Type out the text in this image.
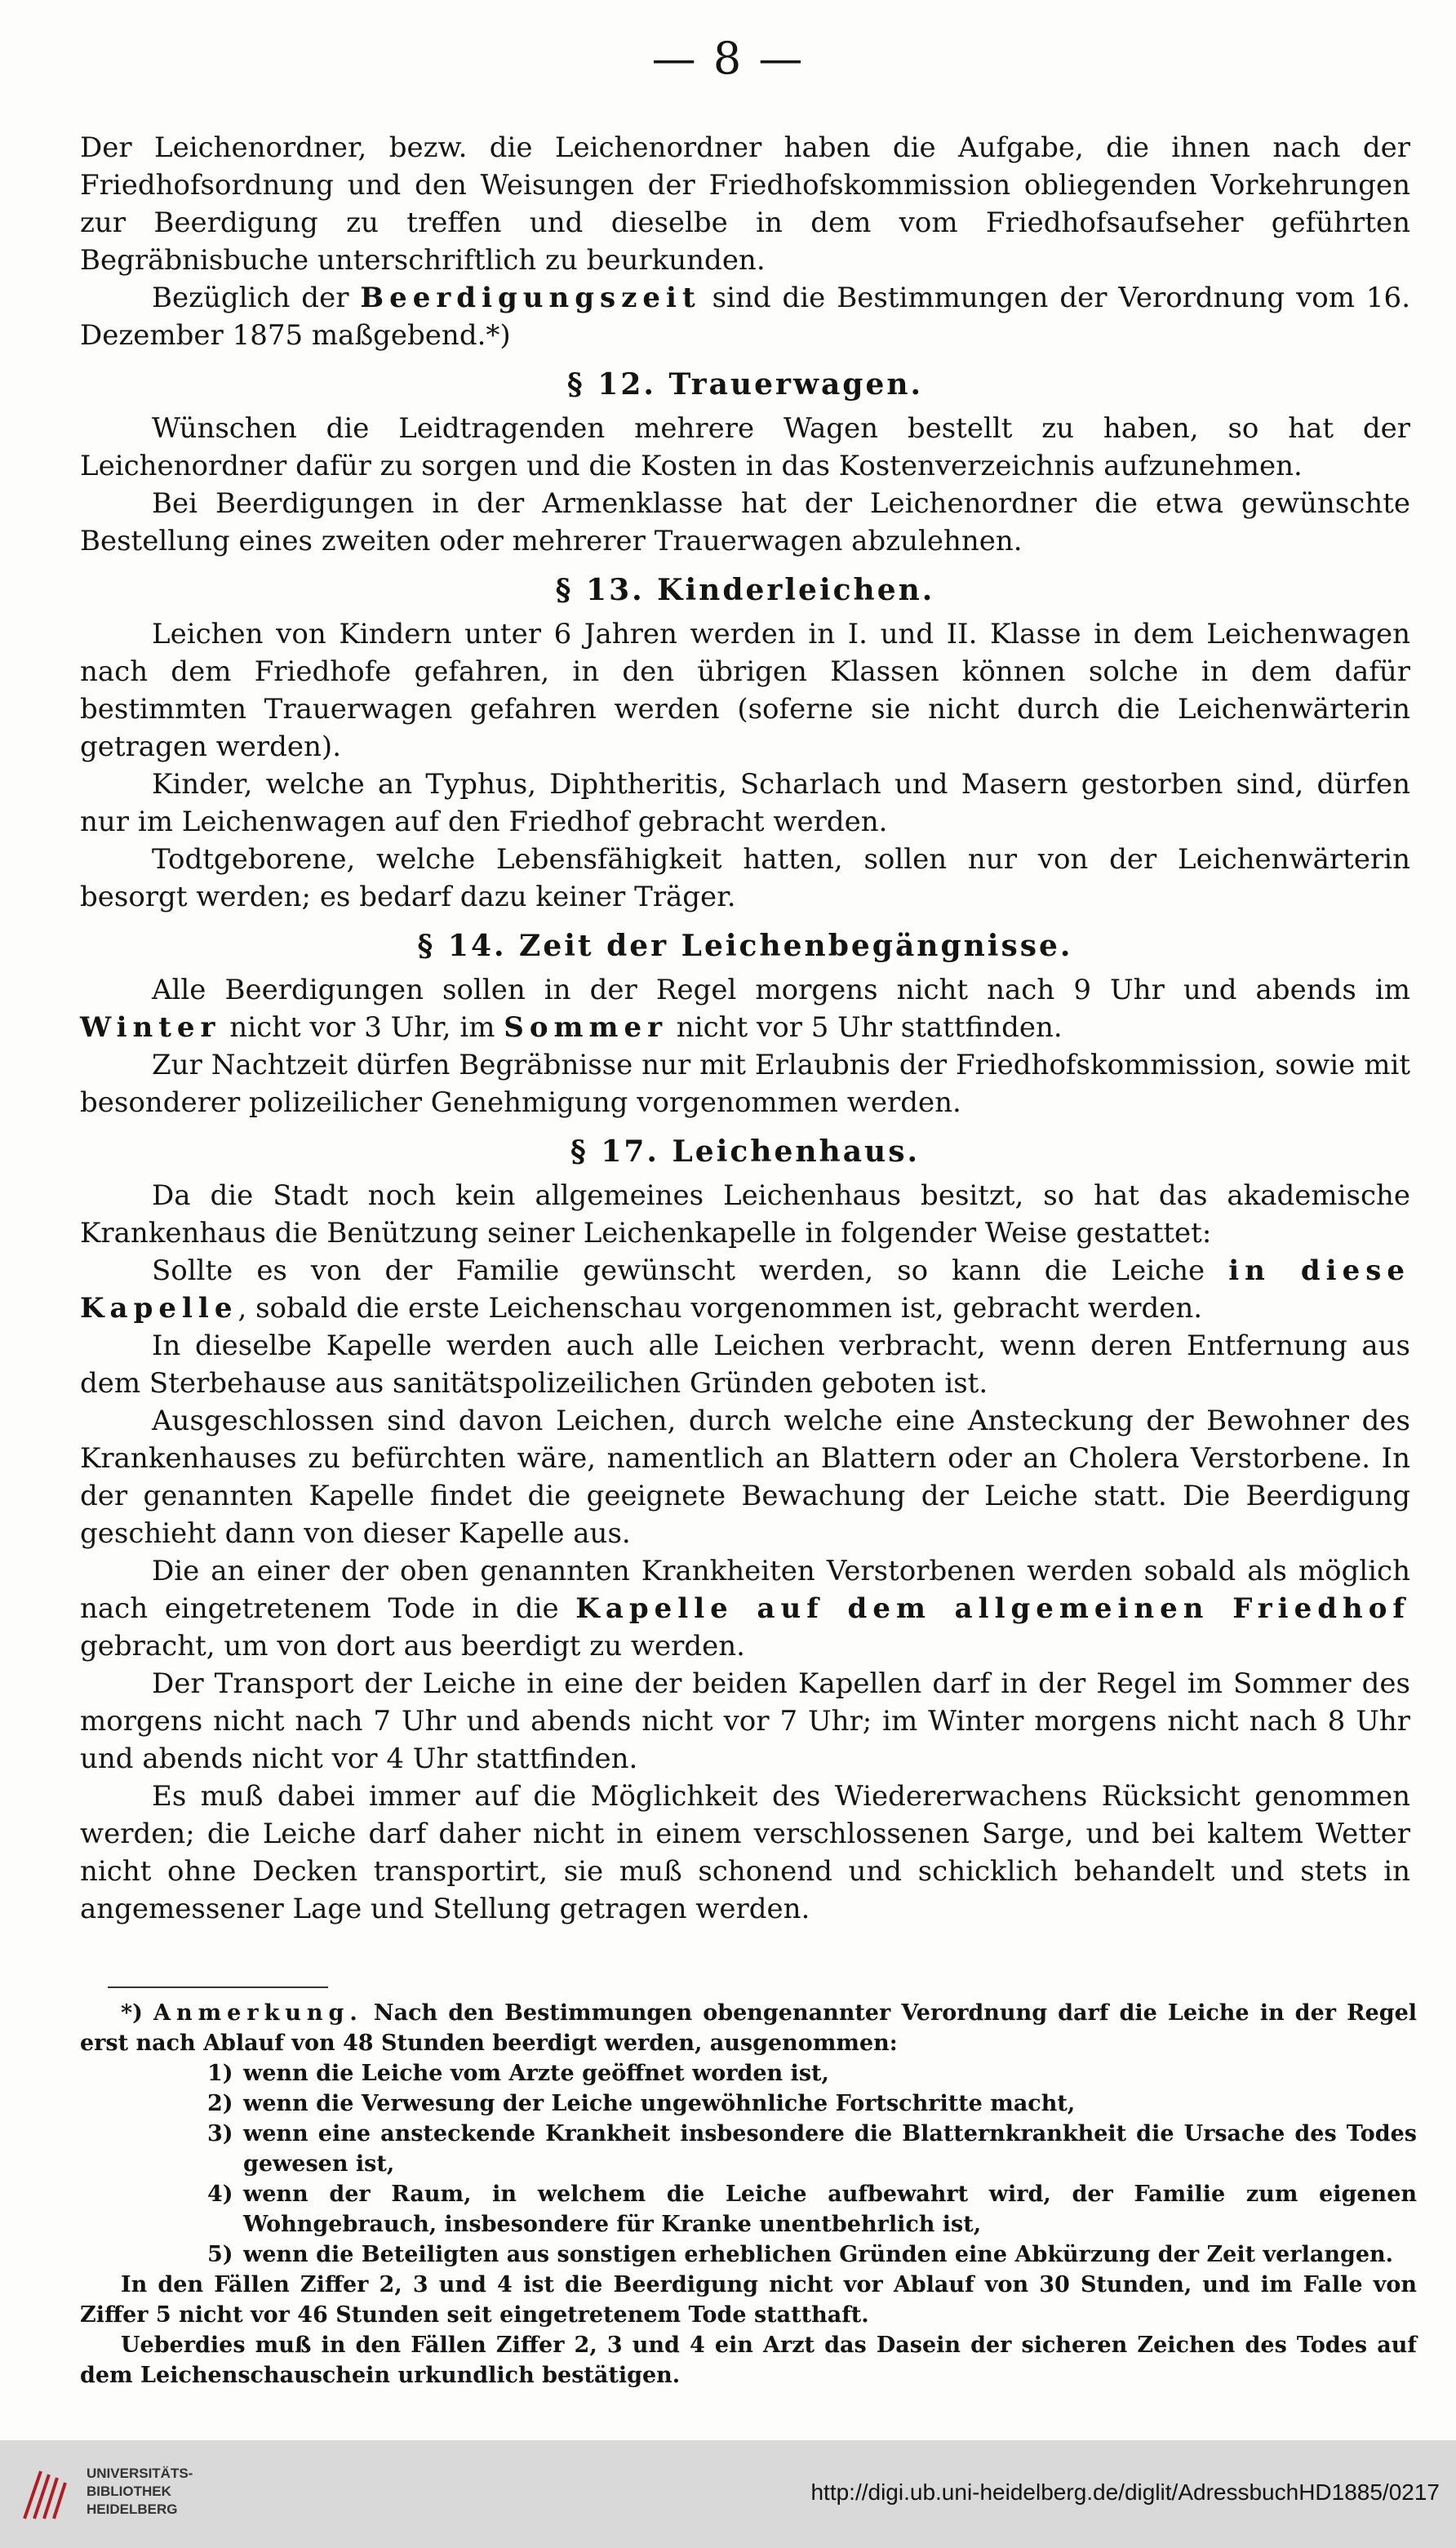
— 8 —

Der Leichenordner, bezw. die Leichenordner haben die Aufgabe, die ihnen nach der Friedhofsordnung und den Weisungen der Friedhofskommission obliegenden Vorkehrungen zur Beerdigung zu treffen und dieselbe in dem vom Friedhofsaufseher geführten Begräbnisbuche unterschriftlich zu beurkunden.

Bezüglich der Beerdigungszeit sind die Bestimmungen der Verordnung vom 16. Dezember 1875 maßgebend.*)

§ 12. Trauerwagen.

Wünschen die Leidtragenden mehrere Wagen bestellt zu haben, so hat der Leichenordner dafür zu sorgen und die Kosten in das Kostenverzeichnis aufzunehmen.

Bei Beerdigungen in der Armenklasse hat der Leichenordner die etwa gewünschte Bestellung eines zweiten oder mehrerer Trauerwagen abzulehnen.

§ 13. Kinderleichen.

Leichen von Kindern unter 6 Jahren werden in I. und II. Klasse in dem Leichenwagen nach dem Friedhofe gefahren, in den übrigen Klassen können solche in dem dafür bestimmten Trauerwagen gefahren werden (soferne sie nicht durch die Leichenwärterin getragen werden).

Kinder, welche an Typhus, Diphtheritis, Scharlach und Masern gestorben sind, dürfen nur im Leichenwagen auf den Friedhof gebracht werden.

Todtgeborene, welche Lebensfähigkeit hatten, sollen nur von der Leichenwärterin besorgt werden; es bedarf dazu keiner Träger.

§ 14. Zeit der Leichenbegängnisse.

Alle Beerdigungen sollen in der Regel morgens nicht nach 9 Uhr und abends im Winter nicht vor 3 Uhr, im Sommer nicht vor 5 Uhr stattfinden.

Zur Nachtzeit dürfen Begräbnisse nur mit Erlaubnis der Friedhofskommission, sowie mit besonderer polizeilicher Genehmigung vorgenommen werden.

§ 17. Leichenhaus.

Da die Stadt noch kein allgemeines Leichenhaus besitzt, so hat das akademische Krankenhaus die Benützung seiner Leichenkapelle in folgender Weise gestattet:

Sollte es von der Familie gewünscht werden, so kann die Leiche in diese Kapelle, sobald die erste Leichenschau vorgenommen ist, gebracht werden.

In dieselbe Kapelle werden auch alle Leichen verbracht, wenn deren Entfernung aus dem Sterbehause aus sanitätspolizeilichen Gründen geboten ist.

Ausgeschlossen sind davon Leichen, durch welche eine Ansteckung der Bewohner des Krankenhauses zu befürchten wäre, namentlich an Blattern oder an Cholera Verstorbene. In der genannten Kapelle findet die geeignete Bewachung der Leiche statt. Die Beerdigung geschieht dann von dieser Kapelle aus.

Die an einer der oben genannten Krankheiten Verstorbenen werden sobald als möglich nach eingetretenem Tode in die Kapelle auf dem allgemeinen Friedhof gebracht, um von dort aus beerdigt zu werden.

Der Transport der Leiche in eine der beiden Kapellen darf in der Regel im Sommer des morgens nicht nach 7 Uhr und abends nicht vor 7 Uhr; im Winter morgens nicht nach 8 Uhr und abends nicht vor 4 Uhr stattfinden.

Es muß dabei immer auf die Möglichkeit des Wiedererwachens Rücksicht genommen werden; die Leiche darf daher nicht in einem verschlossenen Sarge, und bei kaltem Wetter nicht ohne Decken transportirt, sie muß schonend und schicklich behandelt und stets in angemessener Lage und Stellung getragen werden.

*) Anmerkung. Nach den Bestimmungen obengenannter Verordnung darf die Leiche in der Regel erst nach Ablauf von 48 Stunden beerdigt werden, ausgenommen:

1) wenn die Leiche vom Arzte geöffnet worden ist,
2) wenn die Verwesung der Leiche ungewöhnliche Fortschritte macht,
3) wenn eine ansteckende Krankheit insbesondere die Blatternkrankheit die Ursache des Todes gewesen ist,
4) wenn der Raum, in welchem die Leiche aufbewahrt wird, der Familie zum eigenen Wohngebrauch, insbesondere für Kranke unentbehrlich ist,
5) wenn die Beteiligten aus sonstigen erheblichen Gründen eine Abkürzung der Zeit verlangen.

In den Fällen Ziffer 2, 3 und 4 ist die Beerdigung nicht vor Ablauf von 30 Stunden, und im Falle von Ziffer 5 nicht vor 46 Stunden seit eingetretenem Tode statthaft.

Ueberdies muß in den Fällen Ziffer 2, 3 und 4 ein Arzt das Dasein der sicheren Zeichen des Todes auf dem Leichenschauschein urkundlich bestätigen.

UNIVERSITÄTS-
BIBLIOTHEK
HEIDELBERG
http://digi.ub.uni-heidelberg.de/diglit/AdressbuchHD1885/0217
